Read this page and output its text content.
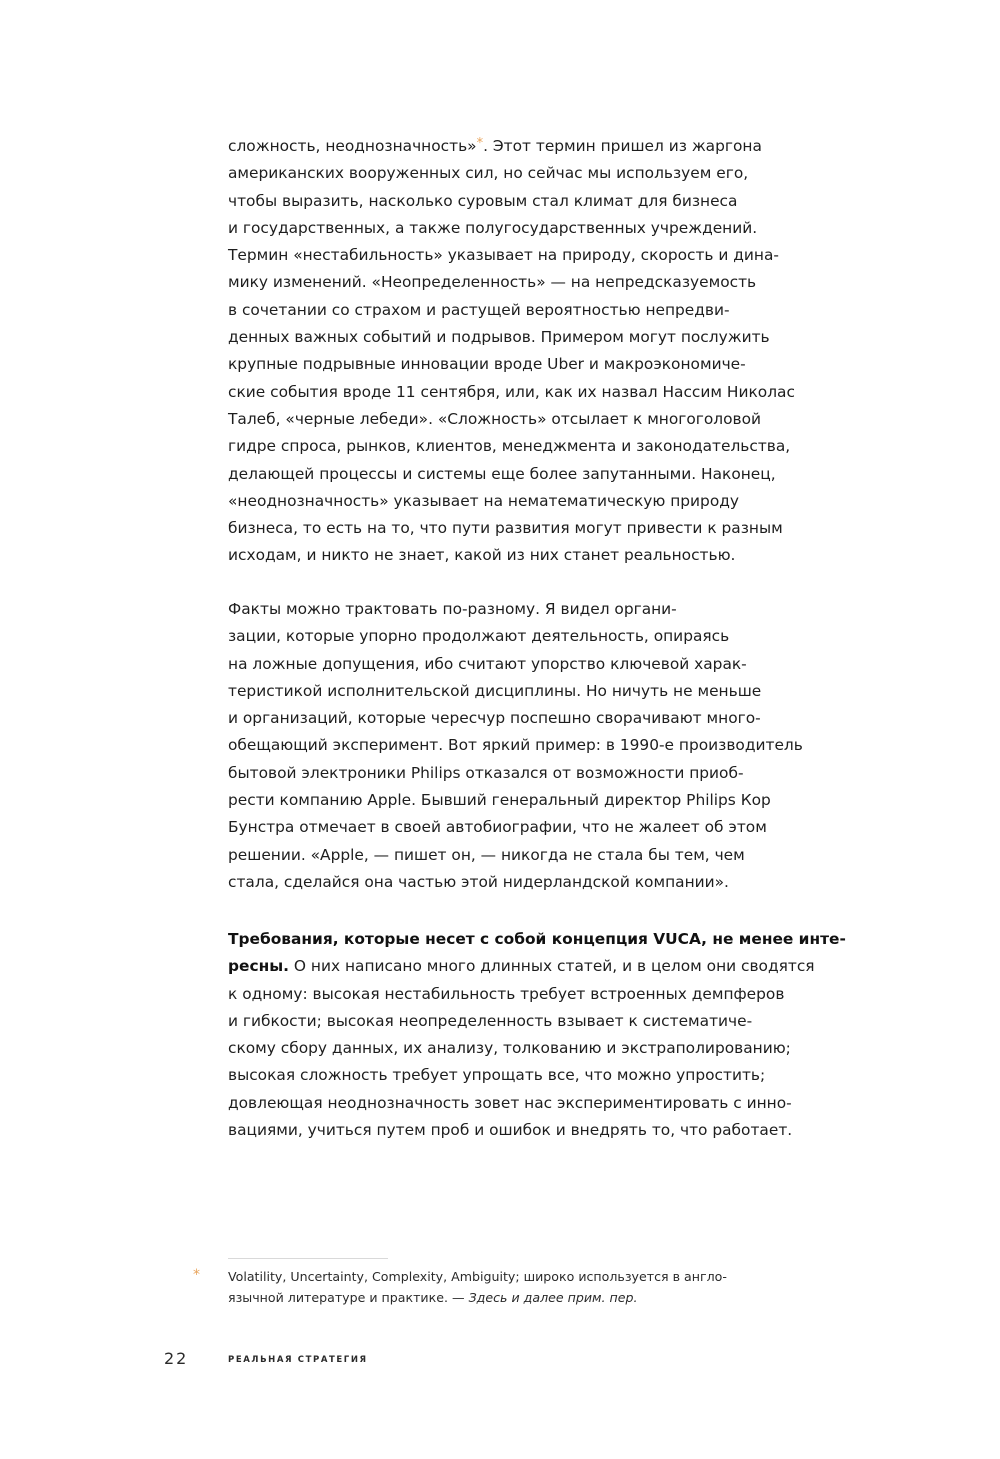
сложность, неоднозначность»*. Этот термин пришел из жаргона
американских вооруженных сил, но сейчас мы используем его,
чтобы выразить, насколько суровым стал климат для бизнеса
и государственных, а также полугосударственных учреждений.
Термин «нестабильность» указывает на природу, скорость и дина-
мику изменений. «Неопределенность» — на непредсказуемость
в сочетании со страхом и растущей вероятностью непредви-
денных важных событий и подрывов. Примером могут послужить
крупные подрывные инновации вроде Uber и макроэкономиче-
ские события вроде 11 сентября, или, как их назвал Нассим Николас
Талеб, «черные лебеди». «Сложность» отсылает к многоголовой
гидре спроса, рынков, клиентов, менеджмента и законодательства,
делающей процессы и системы еще более запутанными. Наконец,
«неоднозначность» указывает на нематематическую природу
бизнеса, то есть на то, что пути развития могут привести к разным
исходам, и никто не знает, какой из них станет реальностью.
Факты можно трактовать по-разному. Я видел органи-
зации, которые упорно продолжают деятельность, опираясь
на ложные допущения, ибо считают упорство ключевой харак-
теристикой исполнительской дисциплины. Но ничуть не меньше
и организаций, которые чересчур поспешно сворачивают много-
обещающий эксперимент. Вот яркий пример: в 1990-е производитель
бытовой электроники Philips отказался от возможности приоб-
рести компанию Apple. Бывший генеральный директор Philips Кор
Бунстра отмечает в своей автобиографии, что не жалеет об этом
решении. «Apple, — пишет он, — никогда не стала бы тем, чем
стала, сделайся она частью этой нидерландской компании».
Требования, которые несет с собой концепция VUCA, не менее инте-
ресны. О них написано много длинных статей, и в целом они сводятся
к одному: высокая нестабильность требует встроенных демпферов
и гибкости; высокая неопределенность взывает к систематиче-
скому сбору данных, их анализу, толкованию и экстраполированию;
высокая сложность требует упрощать все, что можно упростить;
довлеющая неоднозначность зовет нас экспериментировать с инно-
вациями, учиться путем проб и ошибок и внедрять то, что работает.
* Volatility, Uncertainty, Complexity, Ambiguity; широко используется в англо-
язычной литературе и практике. — Здесь и далее прим. пер.
22	РЕАЛЬНАЯ СТРАТЕГИЯ
